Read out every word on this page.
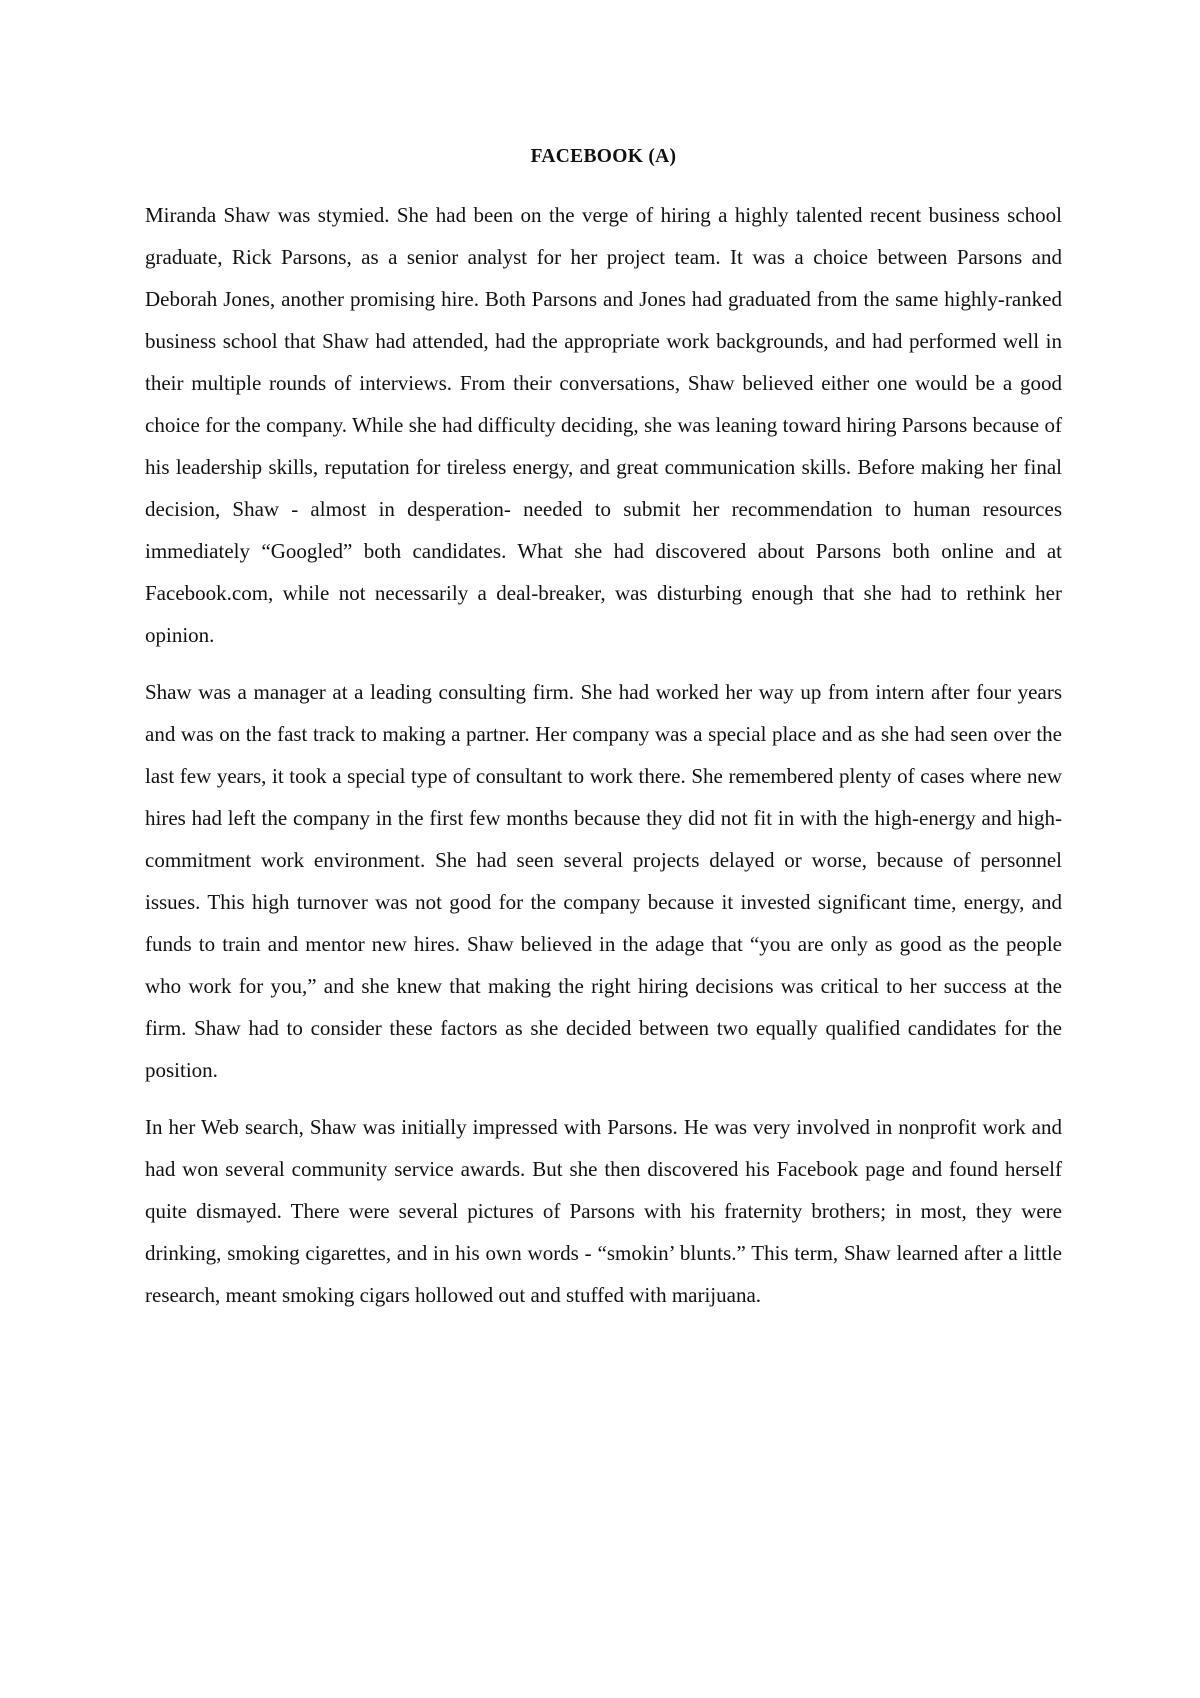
FACEBOOK (A)

Miranda Shaw was stymied. She had been on the verge of hiring a highly talented recent business school graduate, Rick Parsons, as a senior analyst for her project team. It was a choice between Parsons and Deborah Jones, another promising hire. Both Parsons and Jones had graduated from the same highly-ranked business school that Shaw had attended, had the appropriate work backgrounds, and had performed well in their multiple rounds of interviews. From their conversations, Shaw believed either one would be a good choice for the company. While she had difficulty deciding, she was leaning toward hiring Parsons because of his leadership skills, reputation for tireless energy, and great communication skills. Before making her final decision, Shaw - almost in desperation- needed to submit her recommendation to human resources immediately “Googled” both candidates. What she had discovered about Parsons both online and at Facebook.com, while not necessarily a deal-breaker, was disturbing enough that she had to rethink her opinion.

Shaw was a manager at a leading consulting firm. She had worked her way up from intern after four years and was on the fast track to making a partner. Her company was a special place and as she had seen over the last few years, it took a special type of consultant to work there. She remembered plenty of cases where new hires had left the company in the first few months because they did not fit in with the high-energy and high-commitment work environment. She had seen several projects delayed or worse, because of personnel issues. This high turnover was not good for the company because it invested significant time, energy, and funds to train and mentor new hires. Shaw believed in the adage that “you are only as good as the people who work for you,” and she knew that making the right hiring decisions was critical to her success at the firm. Shaw had to consider these factors as she decided between two equally qualified candidates for the position.

In her Web search, Shaw was initially impressed with Parsons. He was very involved in nonprofit work and had won several community service awards. But she then discovered his Facebook page and found herself quite dismayed. There were several pictures of Parsons with his fraternity brothers; in most, they were drinking, smoking cigarettes, and in his own words - “smokin’ blunts.” This term, Shaw learned after a little research, meant smoking cigars hollowed out and stuffed with marijuana.
